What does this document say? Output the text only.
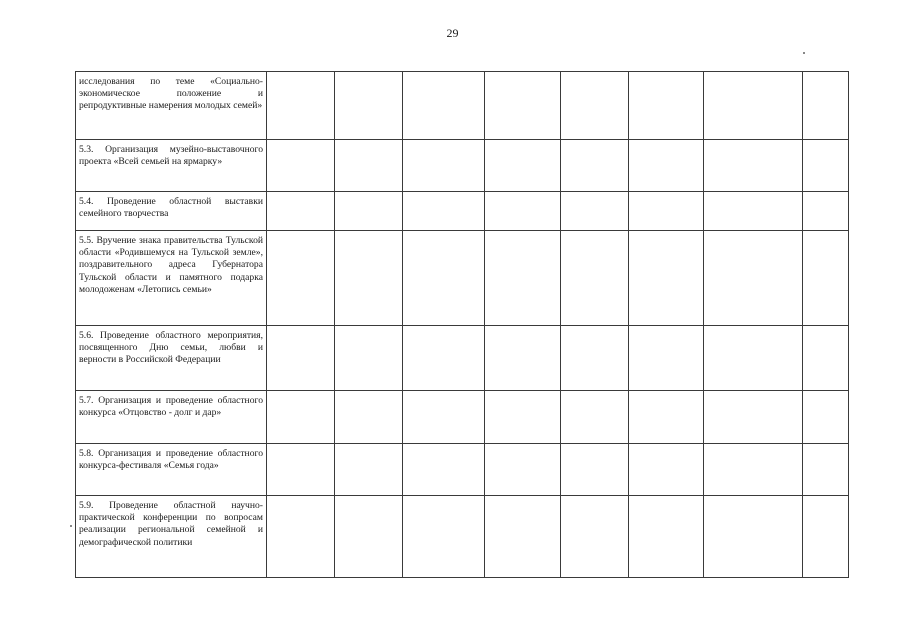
29
исследования по теме «Социально-экономическое положение и репродуктивные намерения молодых семей»								

5.3. Организация музейно-выставочного проекта «Всей семьей на ярмарку»								

5.4. Проведение областной выставки семейного творчества								

5.5. Вручение знака правительства Тульской области «Родившемуся на Тульской земле», поздравительного адреса Губернатора Тульской области и памятного подарка молодоженам «Летопись семьи»								

5.6. Проведение областного мероприятия, посвященного Дню семьи, любви и верности в Российской Федерации								

5.7. Организация и проведение областного конкурса «Отцовство - долг и дар»								

5.8. Организация и проведение областного конкурса-фестиваля «Семья года»								

5.9. Проведение областной научно-практической конференции по вопросам реализации региональной семейной и демографической политики								
